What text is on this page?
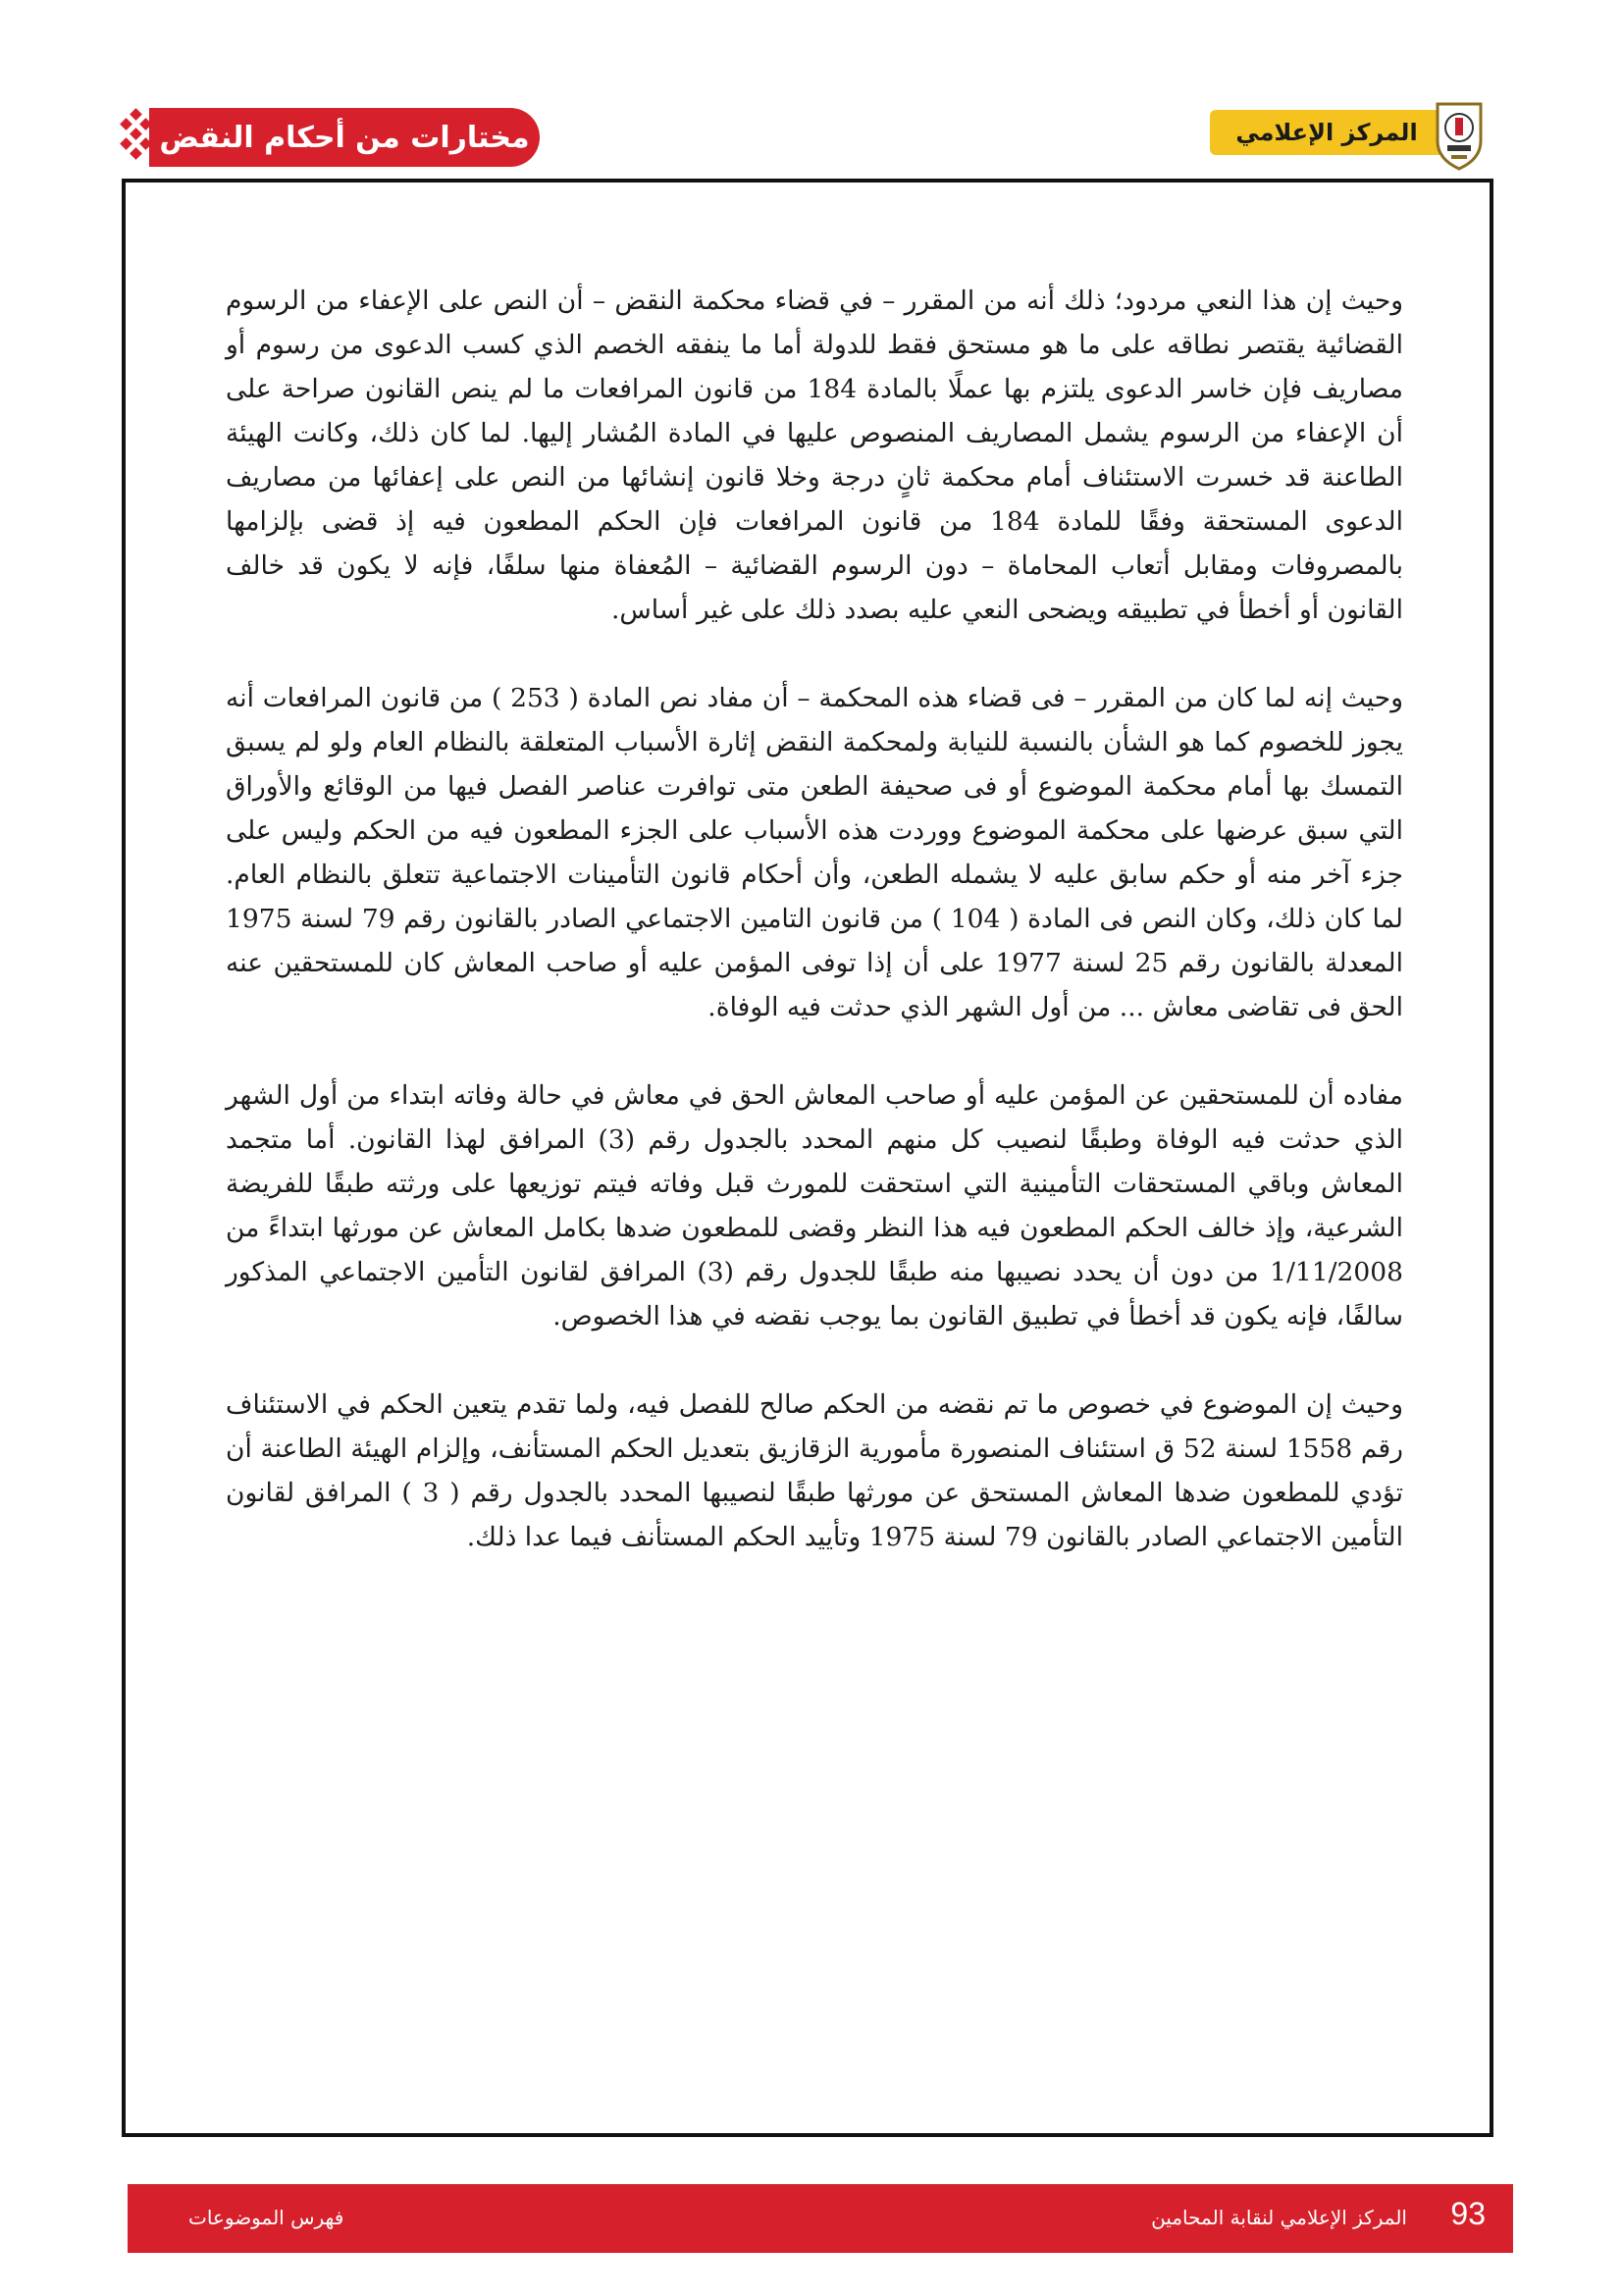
مختارات من أحكام النقض	المركز الإعلامي

وحيث إن هذا النعي مردود؛ ذلك أنه من المقرر – في قضاء محكمة النقض – أن النص على الإعفاء من الرسوم القضائية يقتصر نطاقه على ما هو مستحق فقط للدولة أما ما ينفقه الخصم الذي كسب الدعوى من رسوم أو مصاريف فإن خاسر الدعوى يلتزم بها عملًا بالمادة 184 من قانون المرافعات ما لم ينص القانون صراحة على أن الإعفاء من الرسوم يشمل المصاريف المنصوص عليها في المادة المُشار إليها. لما كان ذلك، وكانت الهيئة الطاعنة قد خسرت الاستئناف أمام محكمة ثانٍ درجة وخلا قانون إنشائها من النص على إعفائها من مصاريف الدعوى المستحقة وفقًا للمادة 184 من قانون المرافعات فإن الحكم المطعون فيه إذ قضى بإلزامها بالمصروفات ومقابل أتعاب المحاماة – دون الرسوم القضائية – المُعفاة منها سلفًا، فإنه لا يكون قد خالف القانون أو أخطأ في تطبيقه ويضحى النعي عليه بصدد ذلك على غير أساس.

وحيث إنه لما كان من المقرر – فى قضاء هذه المحكمة – أن مفاد نص المادة ( 253 ) من قانون المرافعات أنه يجوز للخصوم كما هو الشأن بالنسبة للنيابة ولمحكمة النقض إثارة الأسباب المتعلقة بالنظام العام ولو لم يسبق التمسك بها أمام محكمة الموضوع أو فى صحيفة الطعن متى توافرت عناصر الفصل فيها من الوقائع والأوراق التي سبق عرضها على محكمة الموضوع ووردت هذه الأسباب على الجزء المطعون فيه من الحكم وليس على جزء آخر منه أو حكم سابق عليه لا يشمله الطعن، وأن أحكام قانون التأمينات الاجتماعية تتعلق بالنظام العام. لما كان ذلك، وكان النص فى المادة ( 104 ) من قانون التامين الاجتماعي الصادر بالقانون رقم 79 لسنة 1975 المعدلة بالقانون رقم 25 لسنة 1977 على أن إذا توفى المؤمن عليه أو صاحب المعاش كان للمستحقين عنه الحق فى تقاضى معاش ... من أول الشهر الذي حدثت فيه الوفاة.

مفاده أن للمستحقين عن المؤمن عليه أو صاحب المعاش الحق في معاش في حالة وفاته ابتداء من أول الشهر الذي حدثت فيه الوفاة وطبقًا لنصيب كل منهم المحدد بالجدول رقم (3) المرافق لهذا القانون. أما متجمد المعاش وباقي المستحقات التأمينية التي استحقت للمورث قبل وفاته فيتم توزيعها على ورثته طبقًا للفريضة الشرعية، وإذ خالف الحكم المطعون فيه هذا النظر وقضى للمطعون ضدها بكامل المعاش عن مورثها ابتداءً من 1/11/2008 من دون أن يحدد نصيبها منه طبقًا للجدول رقم (3) المرافق لقانون التأمين الاجتماعي المذكور سالفًا، فإنه يكون قد أخطأ في تطبيق القانون بما يوجب نقضه في هذا الخصوص.

وحيث إن الموضوع في خصوص ما تم نقضه من الحكم صالح للفصل فيه، ولما تقدم يتعين الحكم في الاستئناف رقم 1558 لسنة 52 ق استئناف المنصورة مأمورية الزقازيق بتعديل الحكم المستأنف، وإلزام الهيئة الطاعنة أن تؤدي للمطعون ضدها المعاش المستحق عن مورثها طبقًا لنصيبها المحدد بالجدول رقم ( 3 ) المرافق لقانون التأمين الاجتماعي الصادر بالقانون 79 لسنة 1975 وتأييد الحكم المستأنف فيما عدا ذلك.

93
المركز الإعلامي لنقابة المحامين
فهرس الموضوعات
